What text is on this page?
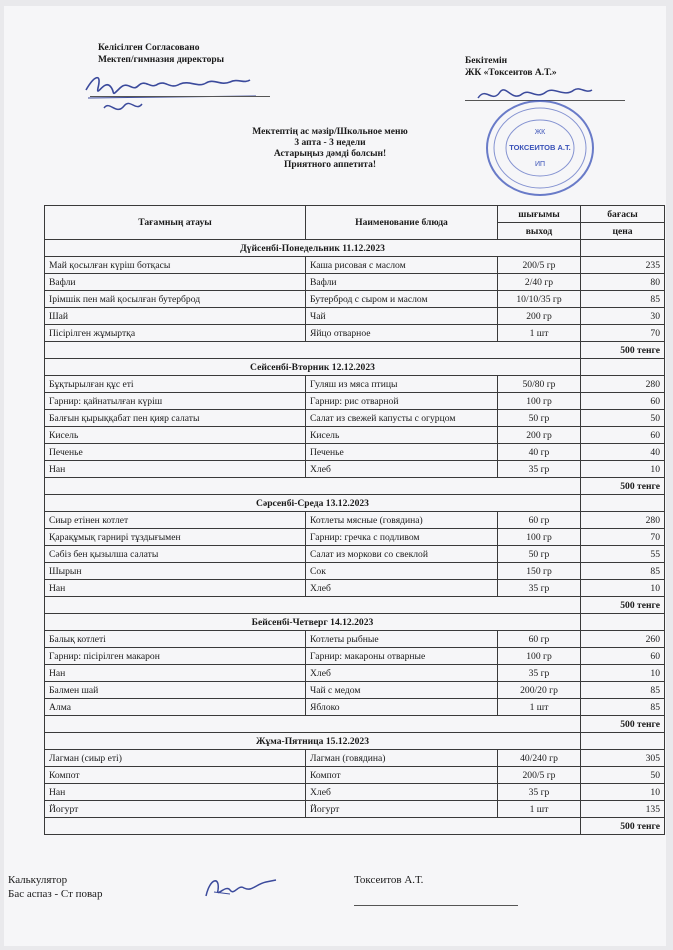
Келісілген Согласовано
Мектеп/гимназия директоры	Бекітемін
ЖК «Токсеитов А.Т.»
ЖК
ТОКСЕИТОВ А.Т.
ИП
Мектептің ас мәзір/Школьное меню
3 апта - 3 недели
Астарыңыз дәмді болсын!
Приятного аппетита!
Тағамның атауы	Наименование блюда	шығымы	бағасы
		выход	цена
Дүйсенбі-Понедельник 11.12.2023			
Май қосылған күріш ботқасы	Каша рисовая с маслом	200/5 гр	235
Вафли	Вафли	2/40 гр	80
Ірімшік пен май қосылған бутерброд	Бутерброд с сыром и маслом	10/10/35 гр	85
Шай	Чай	200 гр	30
Пісірілген жұмыртқа	Яйцо отварное	1 шт	70
			500 тенге
Сейсенбі-Вторник 12.12.2023			
Бұқтырылған құс еті	Гуляш из мяса птицы	50/80 гр	280
Гарнир: қайнатылған күріш	Гарнир: рис отварной	100 гр	60
Балғын қырыққабат пен қияр салаты	Салат из свежей капусты с огурцом	50 гр	50
Кисель	Кисель	200 гр	60
Печенье	Печенье	40 гр	40
Нан	Хлеб	35 гр	10
			500 тенге
Сәрсенбі-Среда 13.12.2023			
Сиыр етінен котлет	Котлеты мясные (говядина)	60 гр	280
Қарақұмық гарнирі тұздығымен	Гарнир: гречка с подливом	100 гр	70
Сәбіз бен қызылша салаты	Салат из моркови со свеклой	50 гр	55
Шырын	Сок	150 гр	85
Нан	Хлеб	35 гр	10
			500 тенге
Бейсенбі-Четверг 14.12.2023			
Балық котлеті	Котлеты рыбные	60 гр	260
Гарнир: пісірілген макарон	Гарнир: макароны отварные	100 гр	60
Нан	Хлеб	35 гр	10
Балмен шай	Чай с медом	200/20 гр	85
Алма	Яблоко	1 шт	85
			500 тенге
Жұма-Пятница 15.12.2023			
Лагман (сиыр еті)	Лагман (говядина)	40/240 гр	305
Компот	Компот	200/5 гр	50
Нан	Хлеб	35 гр	10
Йогурт	Йогурт	1 шт	135
			500 тенге
Калькулятор
Бас аспаз - Ст повар
Токсеитов А.Т.
